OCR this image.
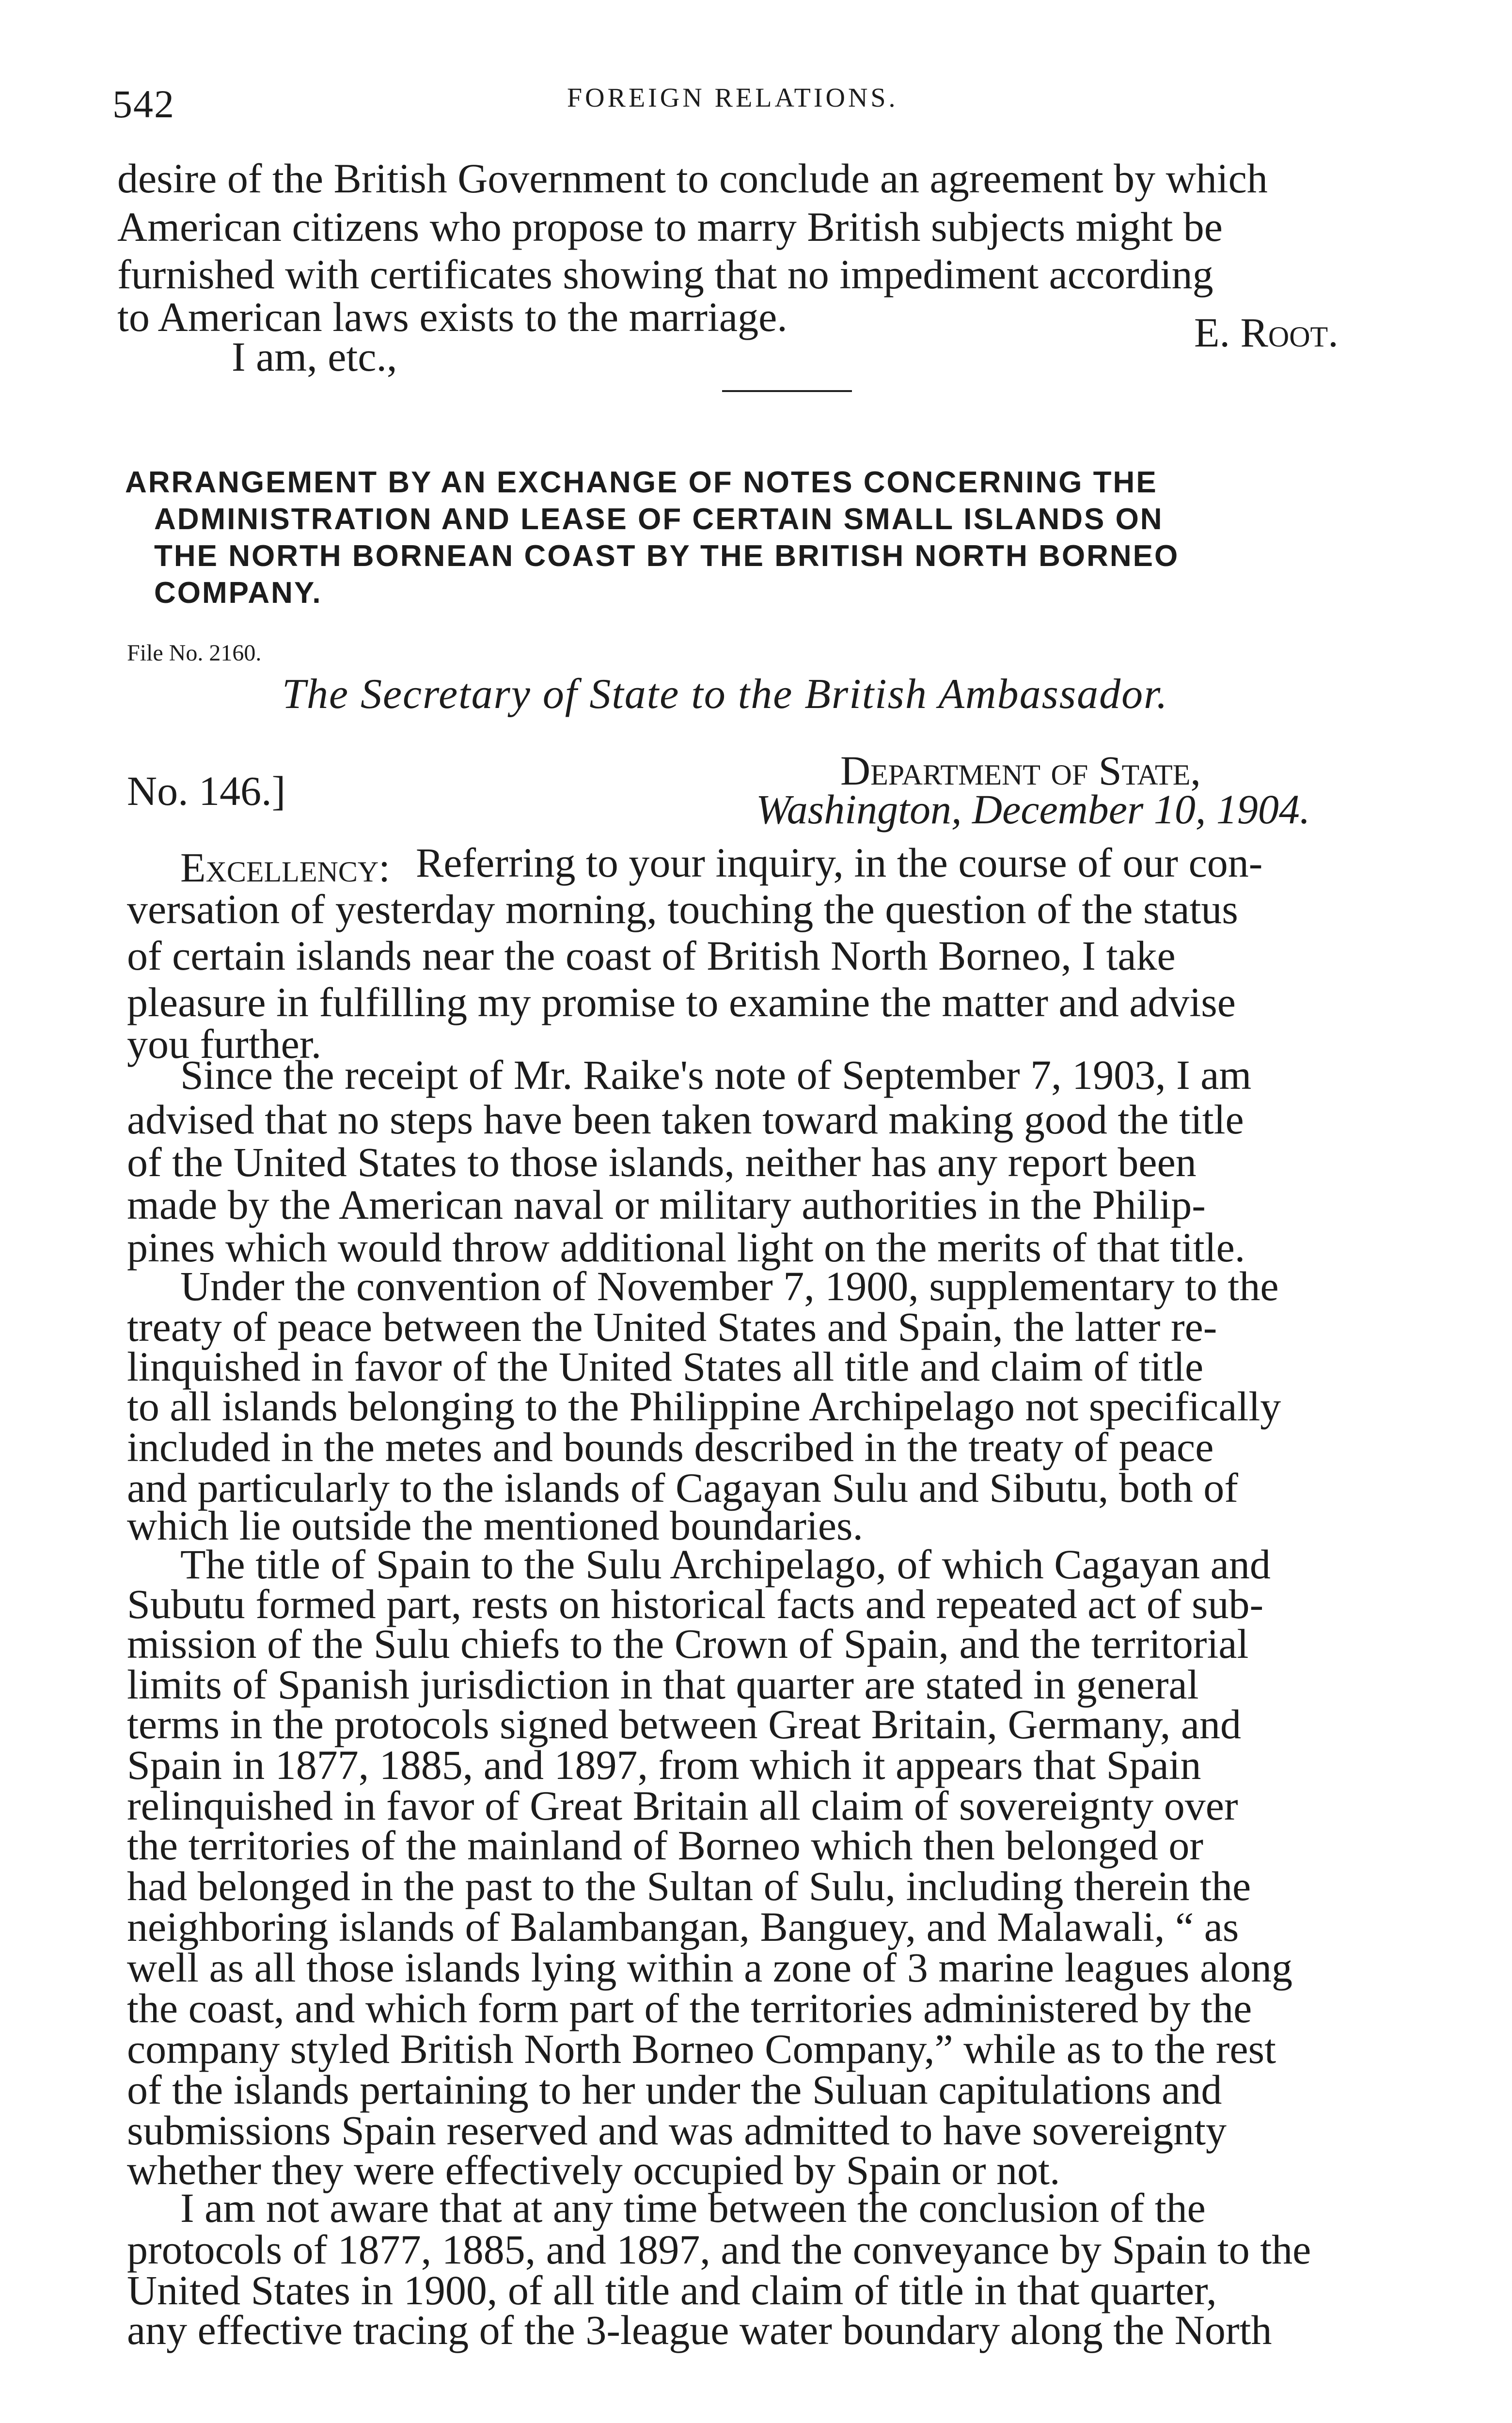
542	FOREIGN RELATIONS.
desire of the British Government to conclude an agreement by which
American citizens who propose to marry British subjects might be
furnished with certificates showing that no impediment according
to American laws exists to the marriage.
I am, etc.,
E. Root.
ARRANGEMENT BY AN EXCHANGE OF NOTES CONCERNING THE
ADMINISTRATION AND LEASE OF CERTAIN SMALL ISLANDS ON
THE NORTH BORNEAN COAST BY THE BRITISH NORTH BORNEO
COMPANY.
File No. 2160.
The Secretary of State to the British Ambassador.
No. 146.]	Department of State,
Washington, December 10, 1904.
Excellency: Referring to your inquiry, in the course of our con-
versation of yesterday morning, touching the question of the status
of certain islands near the coast of British North Borneo, I take
pleasure in fulfilling my promise to examine the matter and advise
you further.
Since the receipt of Mr. Raike's note of September 7, 1903, I am
advised that no steps have been taken toward making good the title
of the United States to those islands, neither has any report been
made by the American naval or military authorities in the Philip-
pines which would throw additional light on the merits of that title.
Under the convention of November 7, 1900, supplementary to the
treaty of peace between the United States and Spain, the latter re-
linquished in favor of the United States all title and claim of title
to all islands belonging to the Philippine Archipelago not specifically
included in the metes and bounds described in the treaty of peace
and particularly to the islands of Cagayan Sulu and Sibutu, both of
which lie outside the mentioned boundaries.
The title of Spain to the Sulu Archipelago, of which Cagayan and
Subutu formed part, rests on historical facts and repeated act of sub-
mission of the Sulu chiefs to the Crown of Spain, and the territorial
limits of Spanish jurisdiction in that quarter are stated in general
terms in the protocols signed between Great Britain, Germany, and
Spain in 1877, 1885, and 1897, from which it appears that Spain
relinquished in favor of Great Britain all claim of sovereignty over
the territories of the mainland of Borneo which then belonged or
had belonged in the past to the Sultan of Sulu, including therein the
neighboring islands of Balambangan, Banguey, and Malawali, “ as
well as all those islands lying within a zone of 3 marine leagues along
the coast, and which form part of the territories administered by the
company styled British North Borneo Company,” while as to the rest
of the islands pertaining to her under the Suluan capitulations and
submissions Spain reserved and was admitted to have sovereignty
whether they were effectively occupied by Spain or not.
I am not aware that at any time between the conclusion of the
protocols of 1877, 1885, and 1897, and the conveyance by Spain to the
United States in 1900, of all title and claim of title in that quarter,
any effective tracing of the 3-league water boundary along the North
